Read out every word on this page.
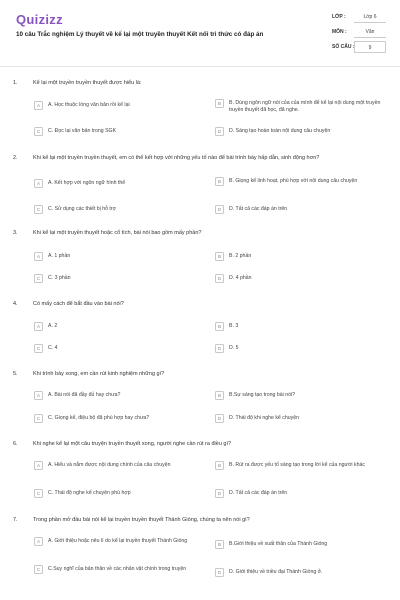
Quizizz
10 câu Trắc nghiệm Lý thuyết về kể lại một truyền thuyết Kết nối tri thức có đáp án
LỚP :	Lớp 6
MÔN :	Văn
SỐ CÂU :	9
1.	Kể lại một truyền truyền thuyết được hiểu là:
A	A. Học thuộc lòng văn bản rồi kể lại	B	B. Dùng ngôn ngữ nói của của mình để kể lại nội dung một truyền truyền thuyết đã học, đã nghe.
C	C. Đọc lại văn bản trong SGK	D	D. Sáng tạo hoàn toàn nội dung câu chuyện
2.	Khi kể lại một truyền truyền thuyết, em có thể kết hợp với những yếu tố nào để bài trình bày hấp dẫn, sinh động hơn?
A	A. Kết hợp với ngôn ngữ hình thể	B	B. Giọng kể linh hoạt, phù hợp với nội dung câu chuyện
C	C. Sử dụng các thiết bị hỗ trợ	D	D. Tất cả các đáp án trên
3.	Khi kể lại một truyền thuyết hoặc cổ tích, bài nói bao gồm mấy phần?
A	A. 1 phần	B	B. 2 phần
C	C. 3 phần	D	D. 4 phần
4.	Có mấy cách để bắt đầu vào bài nói?
A	A. 2	B	B. 3
C	C. 4	D	D. 5
5.	Khi trình bày xong, em cần rút kinh nghiệm những gì?
A	A. Bài nói đã đầy đủ hay chưa?	B	B.Sự sáng tạo trong bài nói?
C	C. Giọng kể, điệu bộ đã phù hợp hay chưa?	D	D. Thái độ khi nghe kể chuyện
6.	Khi nghe kể lại một câu truyện truyền thuyết xong, người nghe cần rút ra điều gì?
A	A. Hiểu và nắm được nội dung chính của câu chuyện	B	B. Rút ra được yếu tố sáng tạo trong lời kể của người khác
C	C. Thái độ nghe kể chuyện phù hợp	D	D. Tất cả các đáp án trên
7.	Trong phần mở đầu bài nói kể lại truyền truyền thuyết Thánh Gióng, chúng ta nên nói gì?
A	A. Giới thiệu hoặc nêu lí do kể lại truyền thuyết Thánh Gióng
B	B.Giới thiệu về xuất thân của Thánh Gióng
C	C.Suy nghĩ của bản thân về các nhân vật chính trong truyện
D	D. Giới thiệu về triều đại Thánh Gióng ở.
